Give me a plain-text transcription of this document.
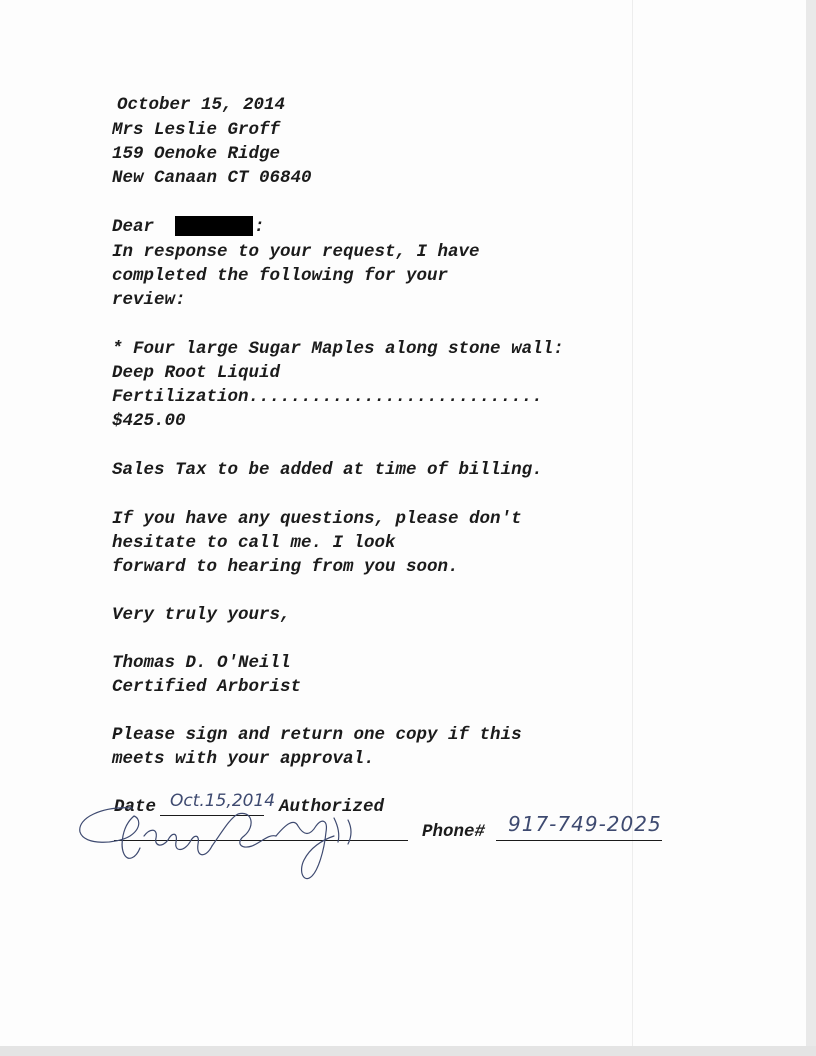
October 15, 2014

Mrs Leslie Groff

159 Oenoke Ridge

New Canaan CT 06840

Dear	:

In response to your request, I have

completed the following for your

review:

* Four large Sugar Maples along stone wall:

Deep Root Liquid

Fertilization............................

$425.00

Sales Tax to be added at time of billing.

If you have any questions, please don't

hesitate to call me. I look

forward to hearing from you soon.

Very truly yours,

Thomas D. O'Neill

Certified Arborist

Please sign and return one copy if this

meets with your approval.

Date Oct.15,2014 Authorized

Phone# 917-749-2025
